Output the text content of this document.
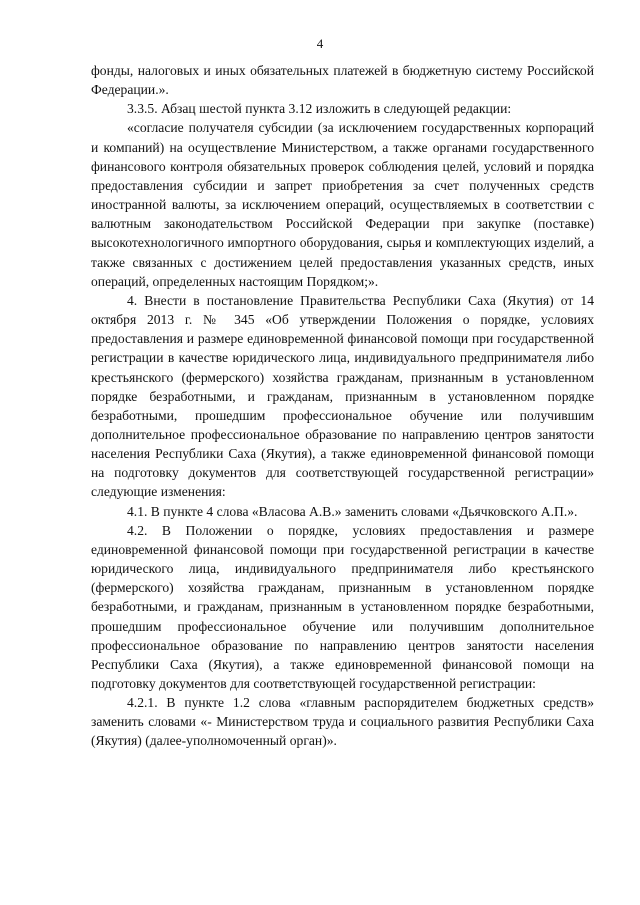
4

фонды, налоговых и иных обязательных платежей в бюджетную систему Российской Федерации.».

3.3.5. Абзац шестой пункта 3.12 изложить в следующей редакции:

«согласие получателя субсидии (за исключением государственных корпораций и компаний) на осуществление Министерством, а также органами государственного финансового контроля обязательных проверок соблюдения целей, условий и порядка предоставления субсидии и запрет приобретения за счет полученных средств иностранной валюты, за исключением операций, осуществляемых в соответствии с валютным законодательством Российской Федерации при закупке (поставке) высокотехнологичного импортного оборудования, сырья и комплектующих изделий, а также связанных с достижением целей предоставления указанных средств, иных операций, определенных настоящим Порядком;».

4. Внести в постановление Правительства Республики Саха (Якутия) от 14 октября 2013 г. № 345 «Об утверждении Положения о порядке, условиях предоставления и размере единовременной финансовой помощи при государственной регистрации в качестве юридического лица, индивидуального предпринимателя либо крестьянского (фермерского) хозяйства гражданам, признанным в установленном порядке безработными, и гражданам, признанным в установленном порядке безработными, прошедшим профессиональное обучение или получившим дополнительное профессиональное образование по направлению центров занятости населения Республики Саха (Якутия), а также единовременной финансовой помощи на подготовку документов для соответствующей государственной регистрации» следующие изменения:

4.1. В пункте 4 слова «Власова А.В.» заменить словами «Дьячковского А.П.».

4.2. В Положении о порядке, условиях предоставления и размере единовременной финансовой помощи при государственной регистрации в качестве юридического лица, индивидуального предпринимателя либо крестьянского (фермерского) хозяйства гражданам, признанным в установленном порядке безработными, и гражданам, признанным в установленном порядке безработными, прошедшим профессиональное обучение или получившим дополнительное профессиональное образование по направлению центров занятости населения Республики Саха (Якутия), а также единовременной финансовой помощи на подготовку документов для соответствующей государственной регистрации:

4.2.1. В пункте 1.2 слова «главным распорядителем бюджетных средств» заменить словами «- Министерством труда и социального развития Республики Саха (Якутия) (далее-уполномоченный орган)».
